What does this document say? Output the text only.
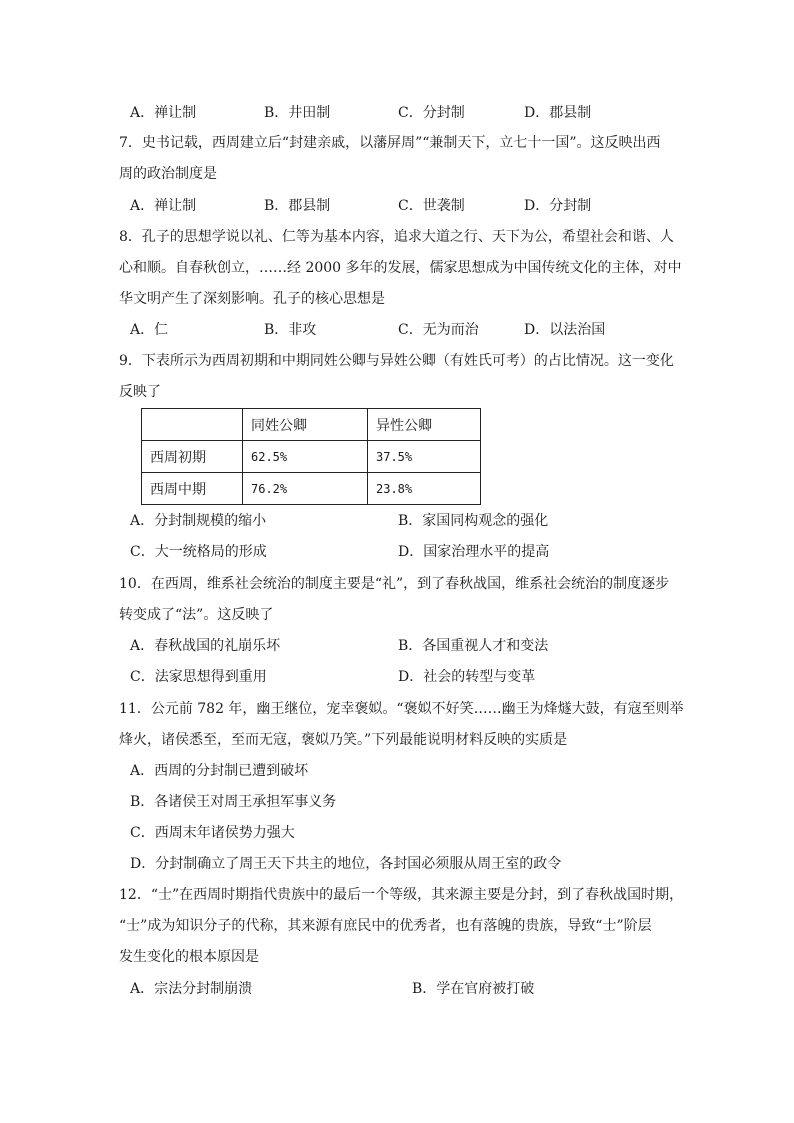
A．禅让制	B．井田制	C．分封制	D．郡县制
7．史书记载，西周建立后“封建亲戚，以藩屏周”“兼制天下，立七十一国”。这反映出西
周的政治制度是
A．禅让制	B．郡县制	C．世袭制	D．分封制
8．孔子的思想学说以礼、仁等为基本内容，追求大道之行、天下为公，希望社会和谐、人
心和顺。自春秋创立，……经 2000 多年的发展，儒家思想成为中国传统文化的主体，对中
华文明产生了深刻影响。孔子的核心思想是
A．仁	B．非攻	C．无为而治	D．以法治国
9．下表所示为西周初期和中期同姓公卿与异姓公卿（有姓氏可考）的占比情况。这一变化
反映了
	同姓公卿	异性公卿
西周初期	62.5%	37.5%
西周中期	76.2%	23.8%
A．分封制规模的缩小	B．家国同构观念的强化
C．大一统格局的形成	D．国家治理水平的提高
10．在西周，维系社会统治的制度主要是“礼”，到了春秋战国，维系社会统治的制度逐步
转变成了“法”。这反映了
A．春秋战国的礼崩乐坏	B．各国重视人才和变法
C．法家思想得到重用	D．社会的转型与变革
11．公元前 782 年，幽王继位，宠幸褒姒。“褒姒不好笑……幽王为烽燧大鼓，有寇至则举
烽火，诸侯悉至，至而无寇，褒姒乃笑。”下列最能说明材料反映的实质是
A．西周的分封制已遭到破坏
B．各诸侯王对周王承担军事义务
C．西周末年诸侯势力强大
D．分封制确立了周王天下共主的地位，各封国必须服从周王室的政令
12．“士”在西周时期指代贵族中的最后一个等级，其来源主要是分封，到了春秋战国时期，
“士”成为知识分子的代称，其来源有庶民中的优秀者，也有落魄的贵族，导致“士”阶层
发生变化的根本原因是
A．宗法分封制崩溃	B．学在官府被打破
